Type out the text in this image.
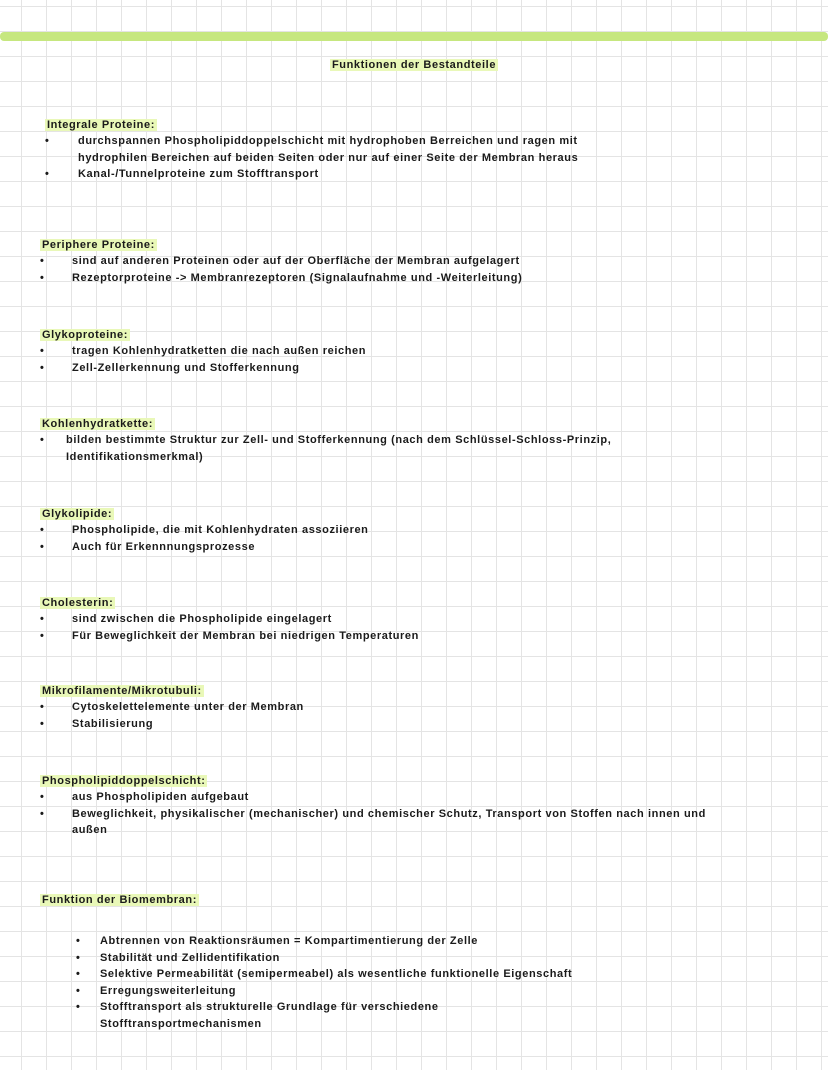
Funktionen der Bestandteile
Integrale Proteine:
•	durchspannen Phospholipiddoppelschicht mit hydrophoben Berreichen und ragen mit hydrophilen Bereichen auf beiden Seiten oder nur auf einer Seite der Membran heraus
•	Kanal-/Tunnelproteine zum Stofftransport
Periphere Proteine:
•	sind auf anderen Proteinen oder auf der Oberfläche der Membran aufgelagert
•	Rezeptorproteine -> Membranrezeptoren (Signalaufnahme und -Weiterleitung)
Glykoproteine:
•	tragen Kohlenhydratketten die nach außen reichen
•	Zell-Zellerkennung und Stofferkennung
Kohlenhydratkette:
• bilden bestimmte Struktur zur Zell- und Stofferkennung (nach dem Schlüssel-Schloss-Prinzip, Identifikationsmerkmal)
Glykolipide:
•	Phospholipide, die mit Kohlenhydraten assoziieren
•	Auch für Erkennnungsprozesse
Cholesterin:
•	sind zwischen die Phospholipide eingelagert
•	Für Beweglichkeit der Membran bei niedrigen Temperaturen
Mikrofilamente/Mikrotubuli:
•	Cytoskelettelemente unter der Membran
•	Stabilisierung
Phospholipiddoppelschicht:
•	aus Phospholipiden aufgebaut
•	Beweglichkeit, physikalischer (mechanischer) und chemischer Schutz, Transport von Stoffen nach innen und außen
Funktion der Biomembran:
• Abtrennen von Reaktionsräumen = Kompartimentierung der Zelle
• Stabilität und Zellidentifikation
• Selektive Permeabilität (semipermeabel) als wesentliche funktionelle Eigenschaft
• Erregungsweiterleitung
• Stofftransport als strukturelle Grundlage für verschiedene Stofftransportmechanismen
